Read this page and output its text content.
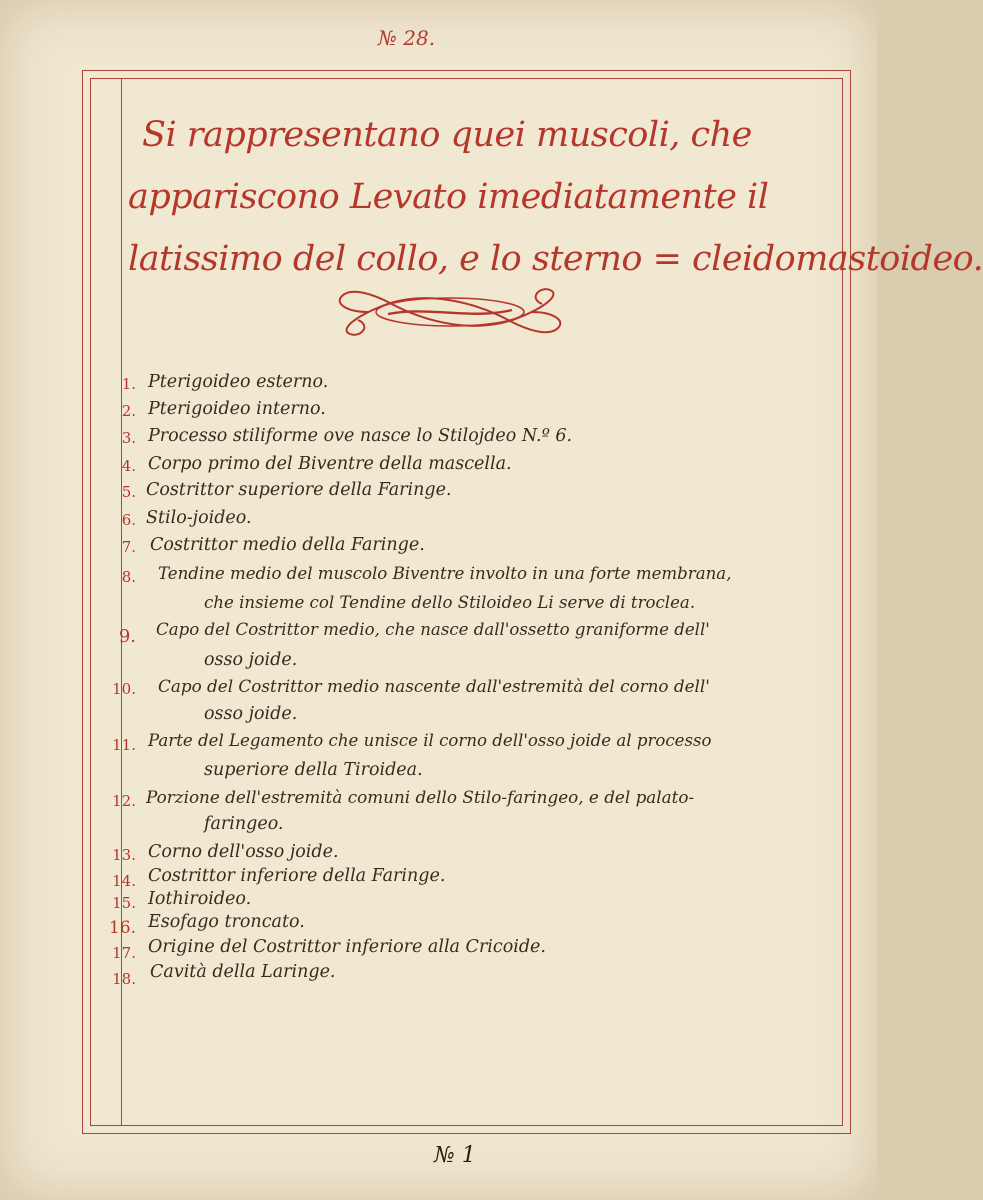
№ 28.
Si rappresentano quei muscoli, che
appariscono Levato imediatamente il
latissimo del collo, e lo sterno = cleidomastoideo.
1. Pterigoideo esterno.
2. Pterigoideo interno.
3. Processo stiliforme ove nasce lo Stilojdeo N.º 6.
4. Corpo primo del Biventre della mascella.
5. Costrittor superiore della Faringe.
6. Stilo-joideo.
7. Costrittor medio della Faringe.
8. Tendine medio del muscolo Biventre involto in una forte membrana,
che insieme col Tendine dello Stiloideo Li serve di troclea.
9. Capo del Costrittor medio, che nasce dall'ossetto graniforme dell'
osso joide.
10. Capo del Costrittor medio nascente dall'estremità del corno dell'
osso joide.
11. Parte del Legamento che unisce il corno dell'osso joide al processo
superiore della Tiroidea.
12. Porzione dell'estremità comuni dello Stilo-faringeo, e del palato-
faringeo.
13. Corno dell'osso joide.
14. Costrittor inferiore della Faringe.
15. Iothiroideo.
16. Esofago troncato.
17. Origine del Costrittor inferiore alla Cricoide.
18. Cavità della Laringe.
№ 1
